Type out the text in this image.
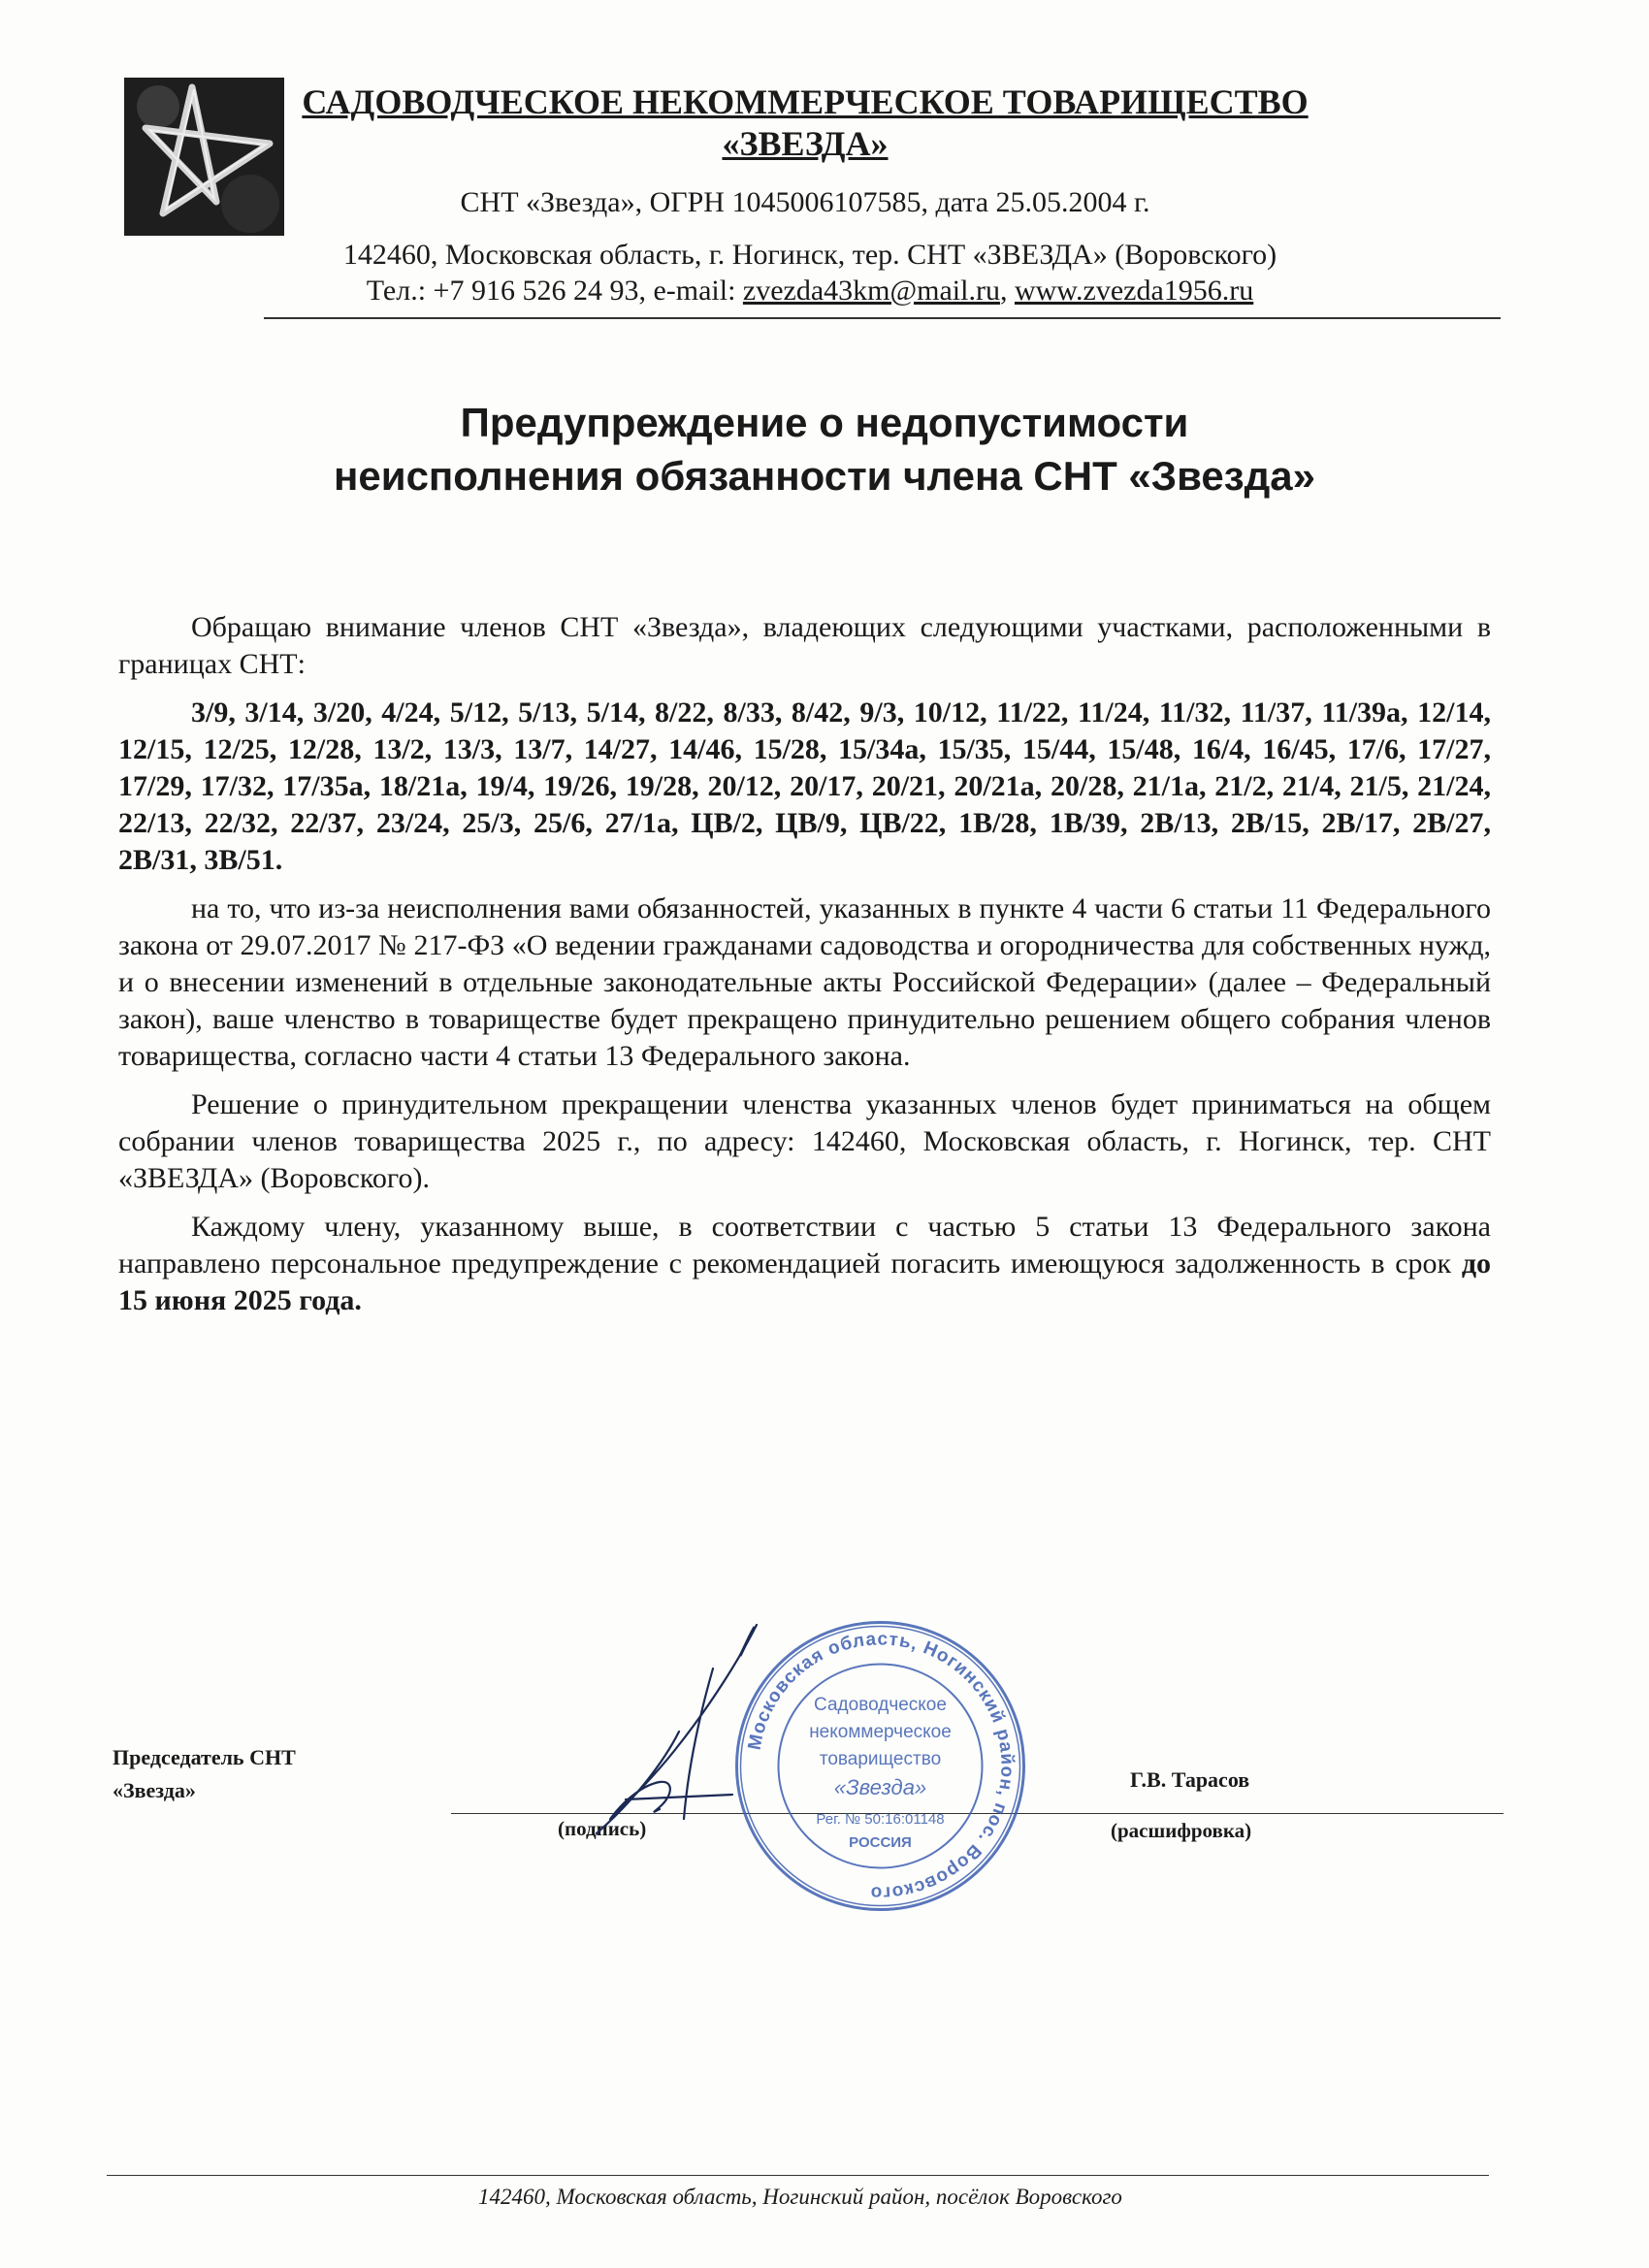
САДОВОДЧЕСКОЕ НЕКОММЕРЧЕСКОЕ ТОВАРИЩЕСТВО
«ЗВЕЗДА»
СНТ «Звезда», ОГРН 1045006107585, дата 25.05.2004 г.
142460, Московская область, г. Ногинск, тер. СНТ «ЗВЕЗДА» (Воровского)
Тел.: +7 916 526 24 93, e-mail: zvezda43km@mail.ru, www.zvezda1956.ru
Предупреждение о недопустимости
неисполнения обязанности члена СНТ «Звезда»

Обращаю внимание членов СНТ «Звезда», владеющих следующими участками, расположенными в границах СНТ:

3/9, 3/14, 3/20, 4/24, 5/12, 5/13, 5/14, 8/22, 8/33, 8/42, 9/3, 10/12, 11/22, 11/24, 11/32, 11/37, 11/39а, 12/14, 12/15, 12/25, 12/28, 13/2, 13/3, 13/7, 14/27, 14/46, 15/28, 15/34а, 15/35, 15/44, 15/48, 16/4, 16/45, 17/6, 17/27, 17/29, 17/32, 17/35а, 18/21а, 19/4, 19/26, 19/28, 20/12, 20/17, 20/21, 20/21а, 20/28, 21/1а, 21/2, 21/4, 21/5, 21/24, 22/13, 22/32, 22/37, 23/24, 25/3, 25/6, 27/1а, ЦВ/2, ЦВ/9, ЦВ/22, 1В/28, 1В/39, 2В/13, 2В/15, 2В/17, 2В/27, 2В/31, 3В/51.

на то, что из-за неисполнения вами обязанностей, указанных в пункте 4 части 6 статьи 11 Федерального закона от 29.07.2017 № 217-ФЗ «О ведении гражданами садоводства и огородничества для собственных нужд, и о внесении изменений в отдельные законодательные акты Российской Федерации» (далее – Федеральный закон), ваше членство в товариществе будет прекращено принудительно решением общего собрания членов товарищества, согласно части 4 статьи 13 Федерального закона.

Решение о принудительном прекращении членства указанных членов будет приниматься на общем собрании членов товарищества 2025 г., по адресу: 142460, Московская область, г. Ногинск, тер. СНТ «ЗВЕЗДА» (Воровского).

Каждому члену, указанному выше, в соответствии с частью 5 статьи 13 Федерального закона направлено персональное предупреждение с рекомендацией погасить имеющуюся задолженность в срок до 15 июня 2025 года.

Председатель СНТ
«Звезда»	Г.В. Тарасов
(подпись)	(расшифровка)
Московская область, Ногинский район, пос. Воровского
Садоводческое
некоммерческое
товарищество
«Звезда»
Рег. № 50:16:01148
РОССИЯ
142460, Московская область, Ногинский район, посёлок Воровского
